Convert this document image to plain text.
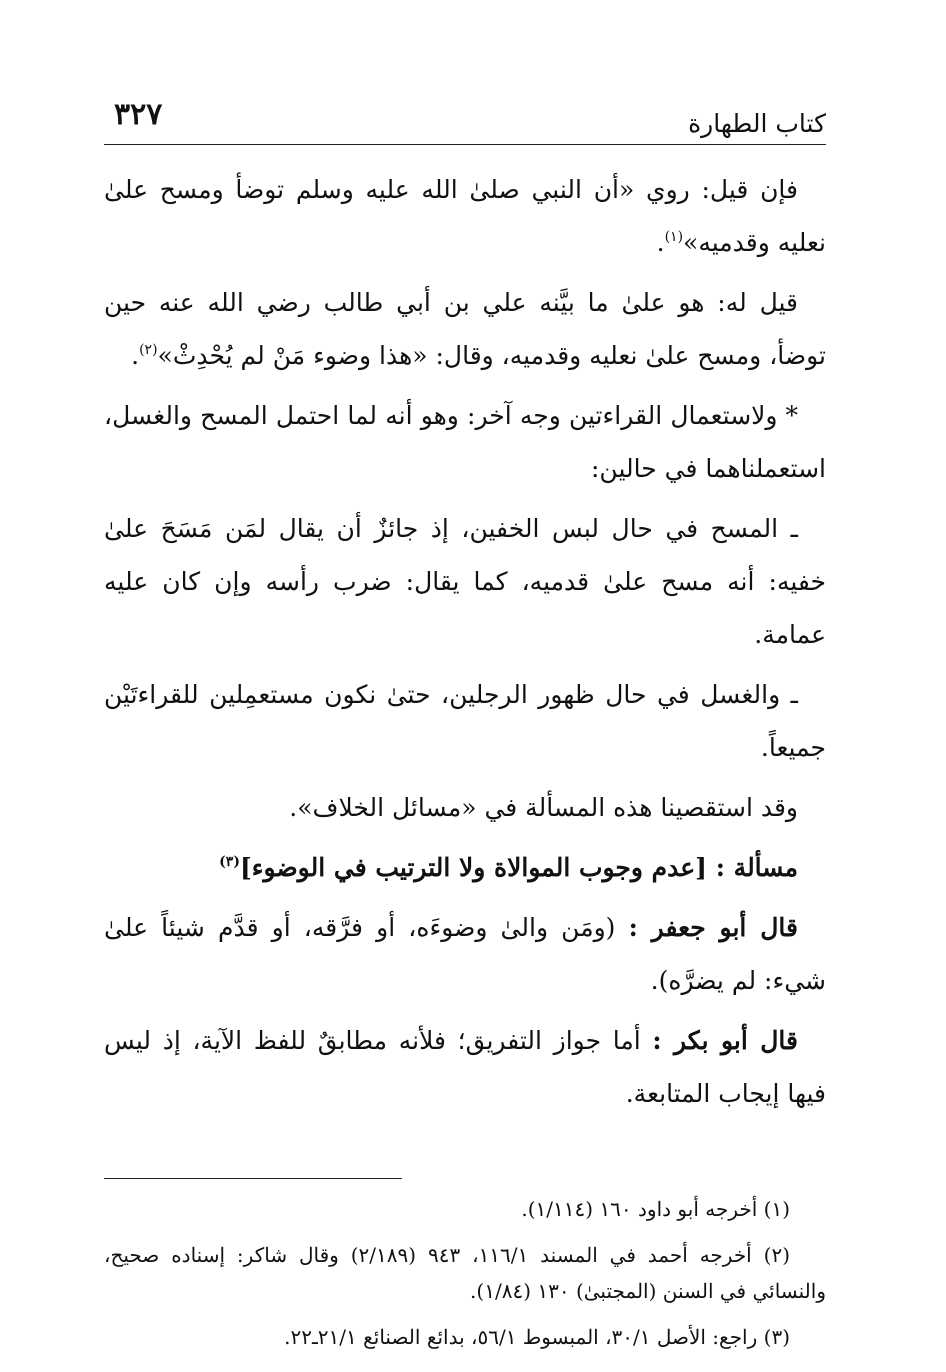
كتاب الطهارة
٣٢٧

فإن قيل: روي «أن النبي صلىٰ الله عليه وسلم توضأ ومسح علىٰ نعليه وقدميه»$^{(١)}$.

قيل له: هو علىٰ ما بيَّنه علي بن أبي طالب رضي الله عنه حين توضأ، ومسح علىٰ نعليه وقدميه، وقال: «هذا وضوء مَنْ لم يُحْدِثْ»$^{(٢)}$.

*ولاستعمال القراءتين وجه آخر: وهو أنه لما احتمل المسح والغسل، استعملناهما في حالين:

ـ المسح في حال لبس الخفين، إذ جائزٌ أن يقال لمَن مَسَحَ علىٰ خفيه: أنه مسح علىٰ قدميه، كما يقال: ضرب رأسه وإن كان عليه عمامة.

ـ والغسل في حال ظهور الرجلين، حتىٰ نكون مستعمِلين للقراءتَيْن جميعاً.

وقد استقصينا هذه المسألة في «مسائل الخلاف».

مسألة : [عدم وجوب الموالاة ولا الترتيب في الوضوء]$^{(٣)}$

قال أبو جعفر : (ومَن والىٰ وضوءَه، أو فرَّقه، أو قدَّم شيئاً علىٰ شيء: لم يضرَّه).

قال أبو بكر : أما جواز التفريق؛ فلأنه مطابقٌ للفظ الآية، إذ ليس فيها إيجاب المتابعة.

(١) أخرجه أبو داود ١٦٠ (١/١١٤).

(٢) أخرجه أحمد في المسند ١١٦/١، ٩٤٣ (٢/١٨٩) وقال شاكر: إسناده صحيح، والنسائي في السنن (المجتبىٰ) ١٣٠ (١/٨٤).

(٣) راجع: الأصل ٣٠/١، المبسوط ٥٦/١، بدائع الصنائع ٢١/١ـ٢٢.
